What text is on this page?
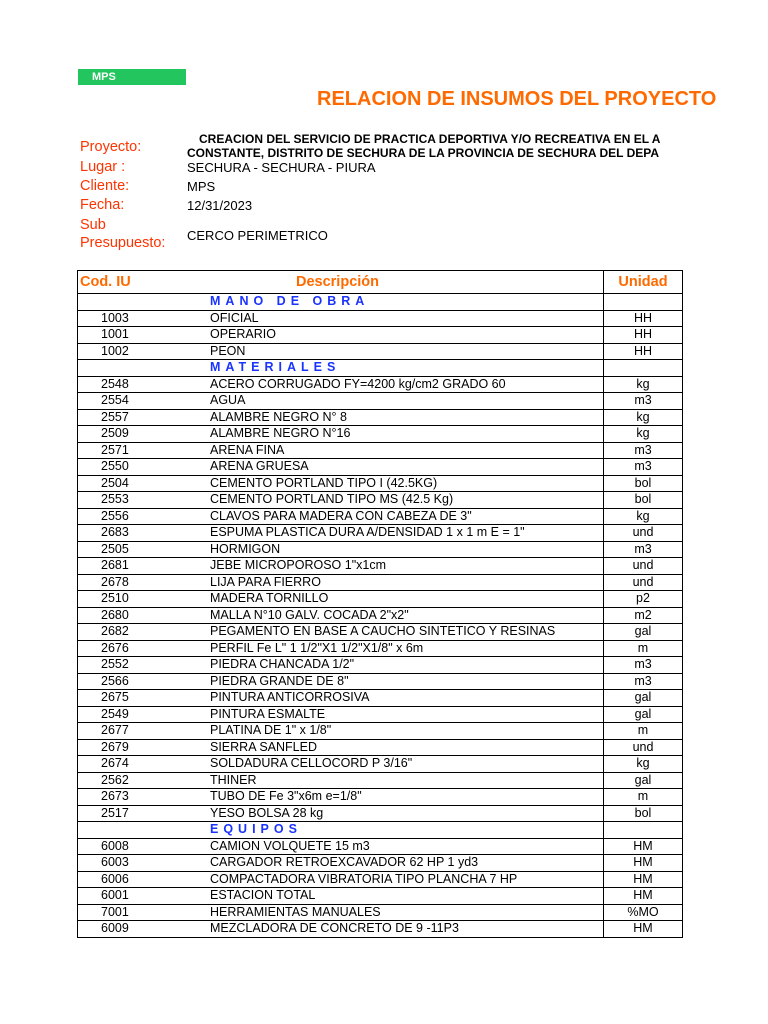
MPS
RELACION DE INSUMOS DEL PROYECTO
Proyecto:	CREACION DEL SERVICIO DE PRACTICA DEPORTIVA Y/O RECREATIVA EN EL A
CONSTANTE, DISTRITO DE SECHURA DE LA PROVINCIA DE SECHURA DEL DEPA
Lugar :	SECHURA - SECHURA - PIURA
Cliente:	MPS
Fecha:	12/31/2023
Sub
Presupuesto: CERCO PERIMETRICO
Cod. IU	Descripción	Unidad
	MANO DE OBRA	
1003	OFICIAL	HH
1001	OPERARIO	HH
1002	PEON	HH
	MATERIALES	
2548	ACERO CORRUGADO FY=4200 kg/cm2 GRADO 60	kg
2554	AGUA	m3
2557	ALAMBRE NEGRO N° 8	kg
2509	ALAMBRE NEGRO N°16	kg
2571	ARENA FINA	m3
2550	ARENA GRUESA	m3
2504	CEMENTO PORTLAND TIPO I (42.5KG)	bol
2553	CEMENTO PORTLAND TIPO MS (42.5 Kg)	bol
2556	CLAVOS PARA MADERA CON CABEZA DE 3"	kg
2683	ESPUMA PLASTICA DURA A/DENSIDAD 1 x 1 m E = 1"	und
2505	HORMIGON	m3
2681	JEBE MICROPOROSO 1"x1cm	und
2678	LIJA PARA FIERRO	und
2510	MADERA TORNILLO	p2
2680	MALLA N°10 GALV. COCADA 2"x2"	m2
2682	PEGAMENTO EN BASE A CAUCHO SINTETICO Y RESINAS	gal
2676	PERFIL Fe L" 1 1/2"X1 1/2"X1/8" x 6m	m
2552	PIEDRA CHANCADA 1/2"	m3
2566	PIEDRA GRANDE DE 8"	m3
2675	PINTURA ANTICORROSIVA	gal
2549	PINTURA ESMALTE	gal
2677	PLATINA DE 1" x 1/8"	m
2679	SIERRA SANFLED	und
2674	SOLDADURA CELLOCORD P 3/16"	kg
2562	THINER	gal
2673	TUBO DE Fe 3"x6m e=1/8"	m
2517	YESO BOLSA 28 kg	bol
	EQUIPOS	
6008	CAMION VOLQUETE 15 m3	HM
6003	CARGADOR RETROEXCAVADOR 62 HP 1 yd3	HM
6006	COMPACTADORA VIBRATORIA TIPO PLANCHA 7 HP	HM
6001	ESTACION TOTAL	HM
7001	HERRAMIENTAS MANUALES	%MO
6009	MEZCLADORA DE CONCRETO DE 9 -11P3	HM
